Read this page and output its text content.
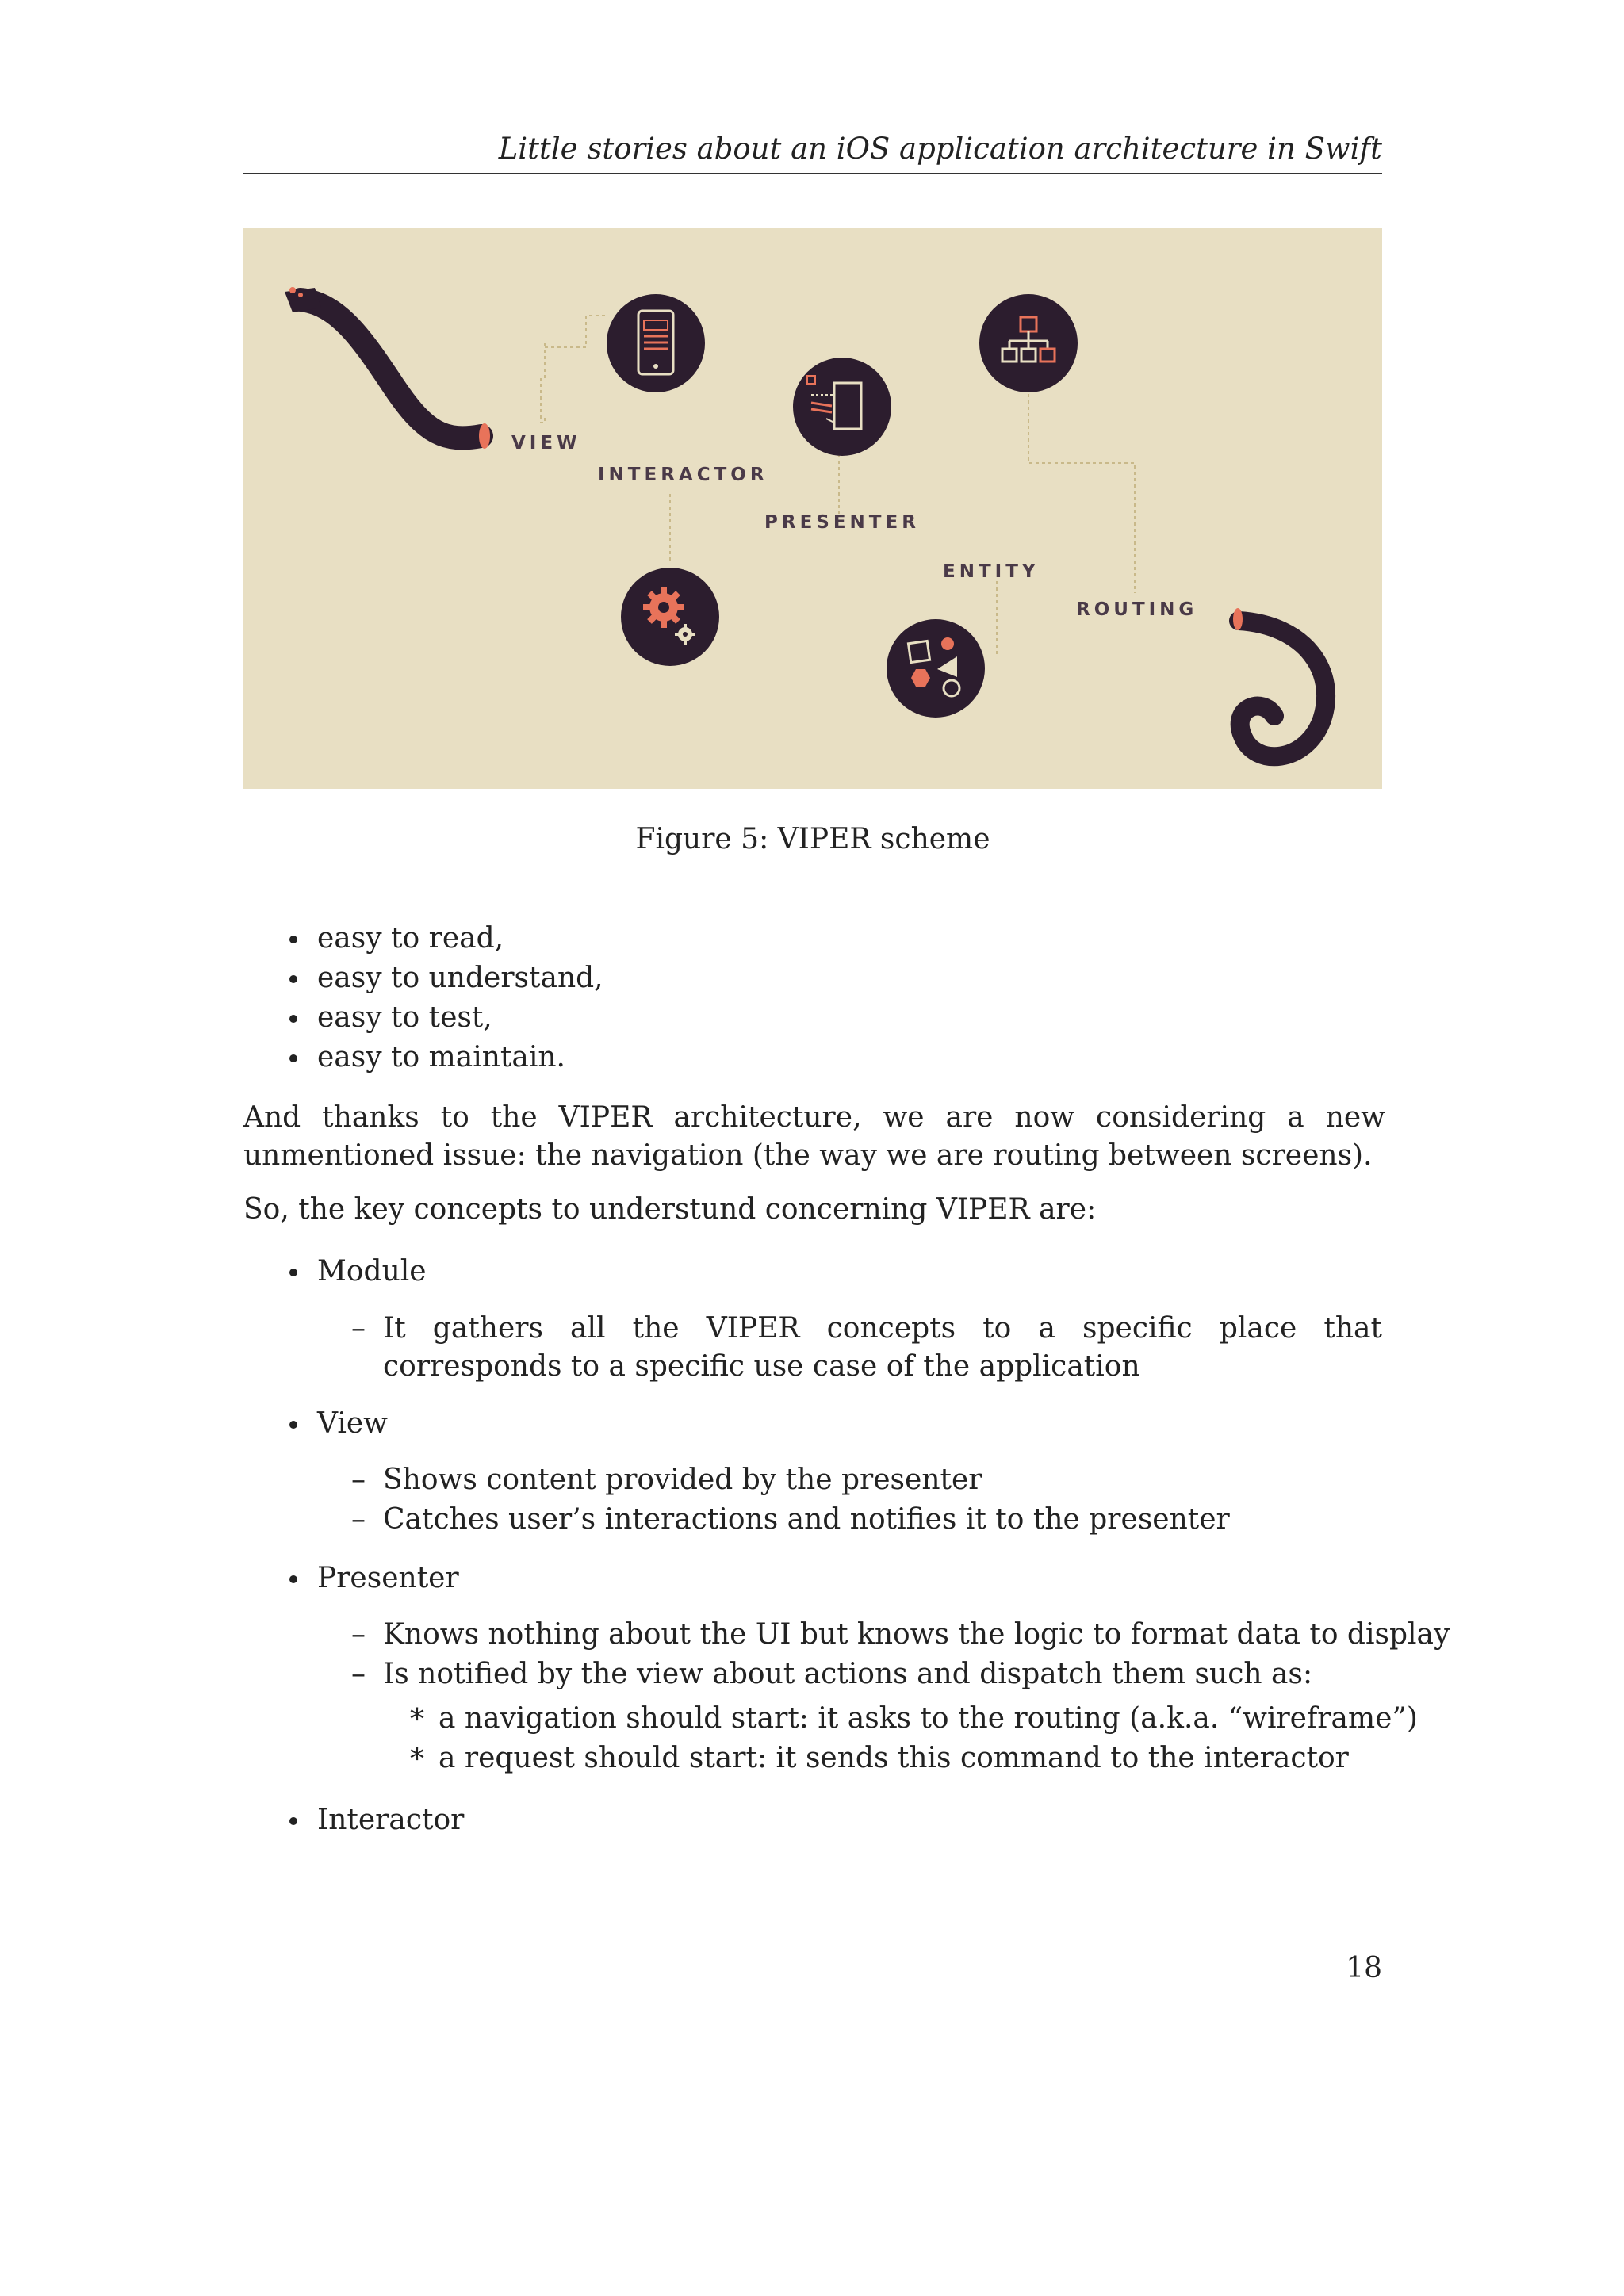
Little stories about an iOS application architecture in Swift
VIEW
INTERACTOR
PRESENTER
ENTITY
ROUTING
Figure 5: VIPER scheme
easy to read,
easy to understand,
easy to test,
easy to maintain.
And thanks to the VIPER architecture, we are now considering a new unmentioned issue: the navigation (the way we are routing between screens).
So, the key concepts to understund concerning VIPER are:
Module
– It gathers all the VIPER concepts to a specific place that corresponds to a specific use case of the application
View
– Shows content provided by the presenter
– Catches user’s interactions and notifies it to the presenter
Presenter
– Knows nothing about the UI but knows the logic to format data to display
– Is notified by the view about actions and dispatch them such as:
* a navigation should start: it asks to the routing (a.k.a. “wireframe”)
* a request should start: it sends this command to the interactor
Interactor
18
